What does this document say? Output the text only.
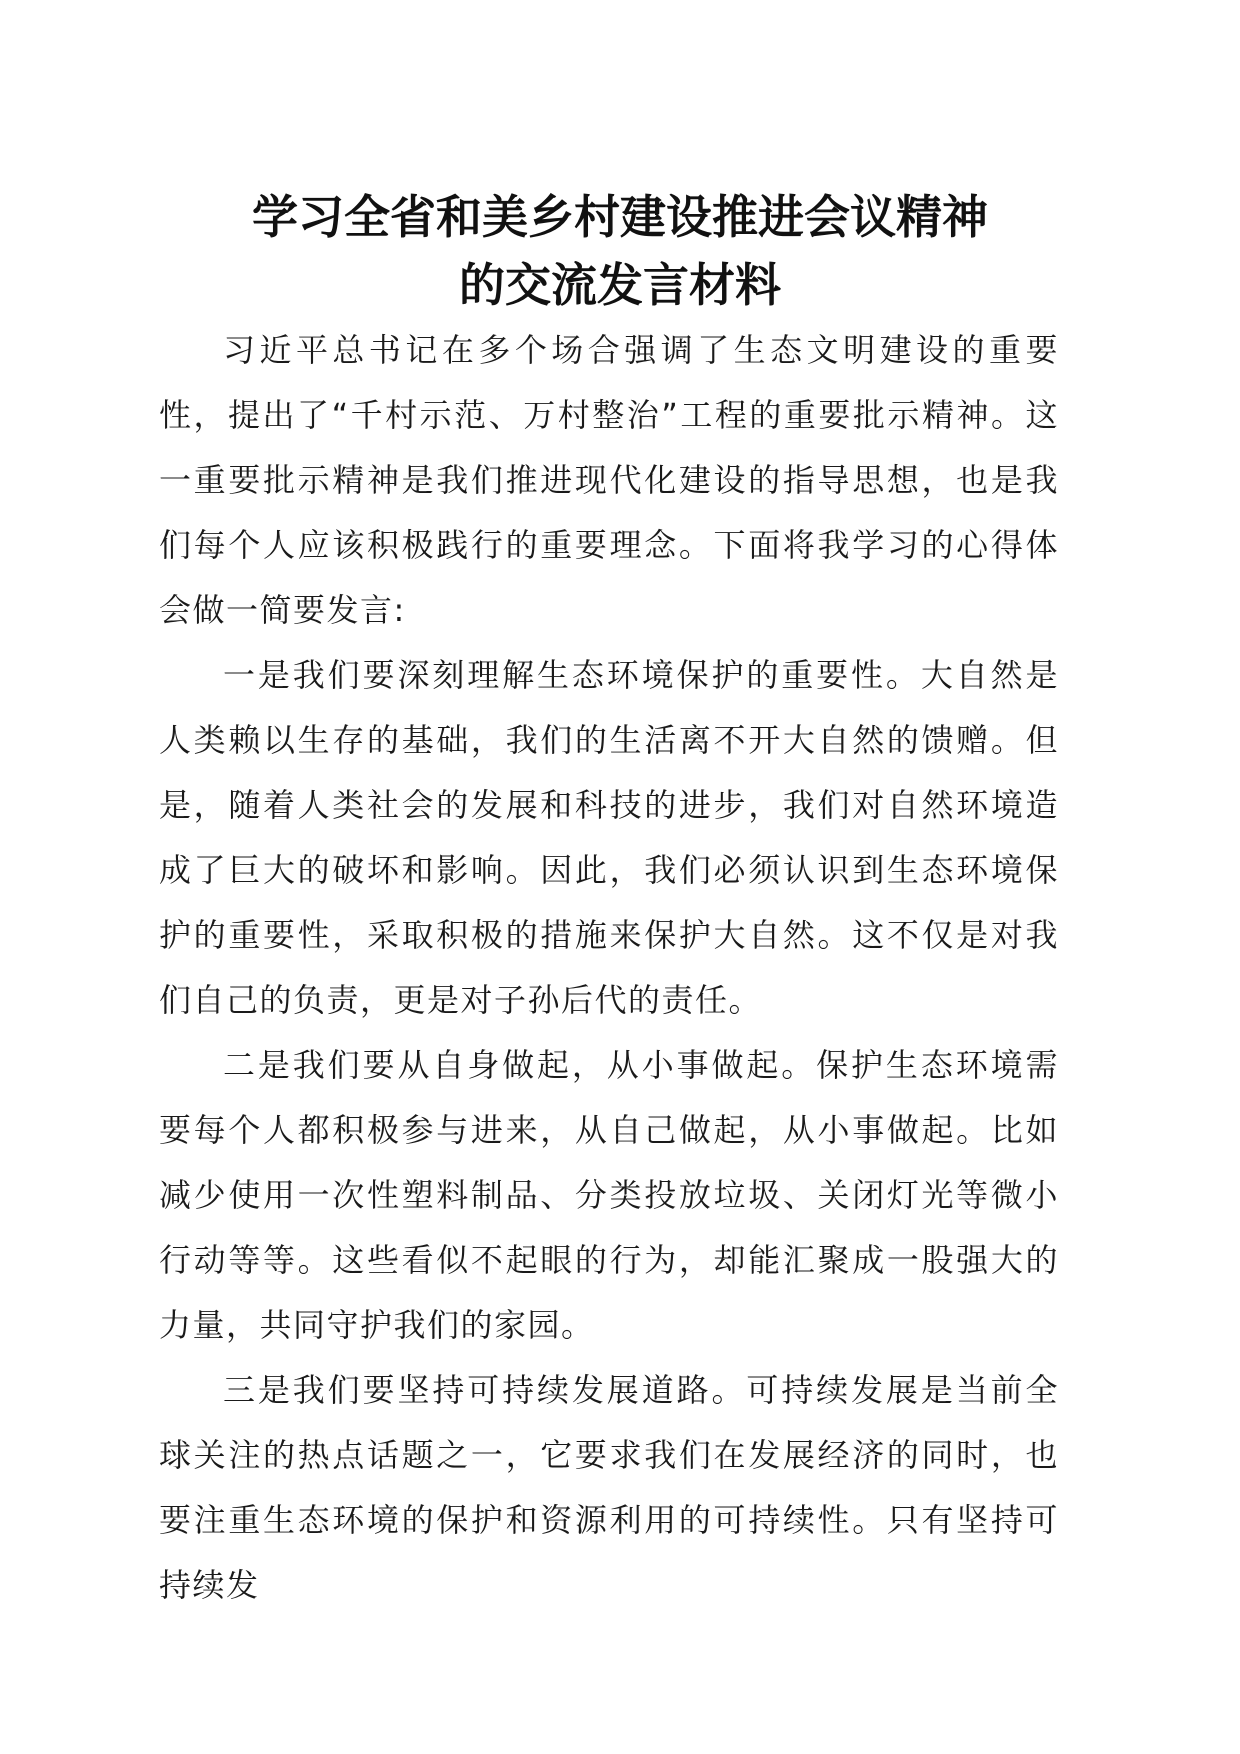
学习全省和美乡村建设推进会议精神
的交流发言材料

习近平总书记在多个场合强调了生态文明建设的重要性，提出了“千村示范、万村整治”工程的重要批示精神。这一重要批示精神是我们推进现代化建设的指导思想，也是我们每个人应该积极践行的重要理念。下面将我学习的心得体会做一简要发言:

一是我们要深刻理解生态环境保护的重要性。大自然是人类赖以生存的基础，我们的生活离不开大自然的馈赠。但是，随着人类社会的发展和科技的进步，我们对自然环境造成了巨大的破坏和影响。因此，我们必须认识到生态环境保护的重要性，采取积极的措施来保护大自然。这不仅是对我们自己的负责，更是对子孙后代的责任。

二是我们要从自身做起，从小事做起。保护生态环境需要每个人都积极参与进来，从自己做起，从小事做起。比如减少使用一次性塑料制品、分类投放垃圾、关闭灯光等微小行动等等。这些看似不起眼的行为，却能汇聚成一股强大的力量，共同守护我们的家园。

三是我们要坚持可持续发展道路。可持续发展是当前全球关注的热点话题之一，它要求我们在发展经济的同时，也要注重生态环境的保护和资源利用的可持续性。只有坚持可持续发
